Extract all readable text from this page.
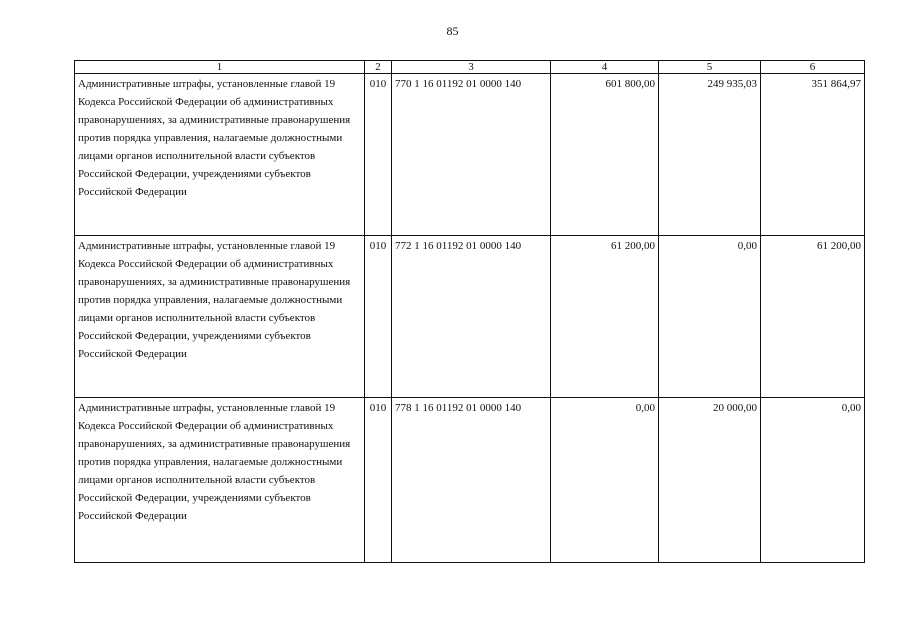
85
1	2	3	4	5	6
Административные штрафы, установленные главой 19 Кодекса Российской Федерации об административных правонарушениях, за административные правонарушения против порядка управления, налагаемые должностными лицами органов исполнительной власти субъектов Российской Федерации, учреждениями субъектов Российской Федерации	010	770 1 16 01192 01 0000 140	601 800,00	249 935,03	351 864,97
Административные штрафы, установленные главой 19 Кодекса Российской Федерации об административных правонарушениях, за административные правонарушения против порядка управления, налагаемые должностными лицами органов исполнительной власти субъектов Российской Федерации, учреждениями субъектов Российской Федерации	010	772 1 16 01192 01 0000 140	61 200,00	0,00	61 200,00
Административные штрафы, установленные главой 19 Кодекса Российской Федерации об административных правонарушениях, за административные правонарушения против порядка управления, налагаемые должностными лицами органов исполнительной власти субъектов Российской Федерации, учреждениями субъектов Российской Федерации	010	778 1 16 01192 01 0000 140	0,00	20 000,00	0,00
